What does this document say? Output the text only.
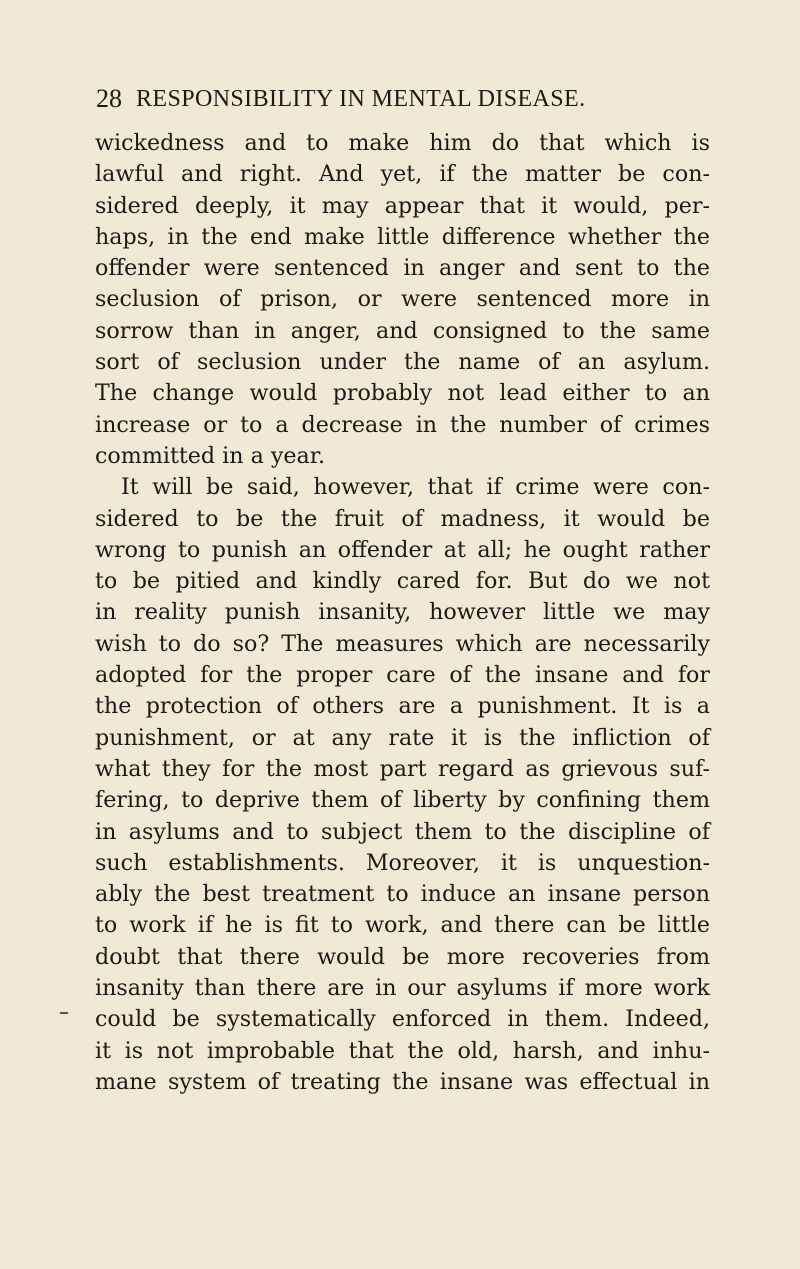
28 RESPONSIBILITY IN MENTAL DISEASE.
wickedness and to make him do that which is
lawful and right. And yet, if the matter be con-
sidered deeply, it may appear that it would, per-
haps, in the end make little difference whether the
offender were sentenced in anger and sent to the
seclusion of prison, or were sentenced more in
sorrow than in anger, and consigned to the same
sort of seclusion under the name of an asylum.
The change would probably not lead either to an
increase or to a decrease in the number of crimes
committed in a year.
It will be said, however, that if crime were con-
sidered to be the fruit of madness, it would be
wrong to punish an offender at all; he ought rather
to be pitied and kindly cared for. But do we not
in reality punish insanity, however little we may
wish to do so? The measures which are necessarily
adopted for the proper care of the insane and for
the protection of others are a punishment. It is a
punishment, or at any rate it is the infliction of
what they for the most part regard as grievous suf-
fering, to deprive them of liberty by confining them
in asylums and to subject them to the discipline of
such establishments. Moreover, it is unquestion-
ably the best treatment to induce an insane person
to work if he is fit to work, and there can be little
doubt that there would be more recoveries from
insanity than there are in our asylums if more work
could be systematically enforced in them. Indeed,
it is not improbable that the old, harsh, and inhu-
mane system of treating the insane was effectual in
